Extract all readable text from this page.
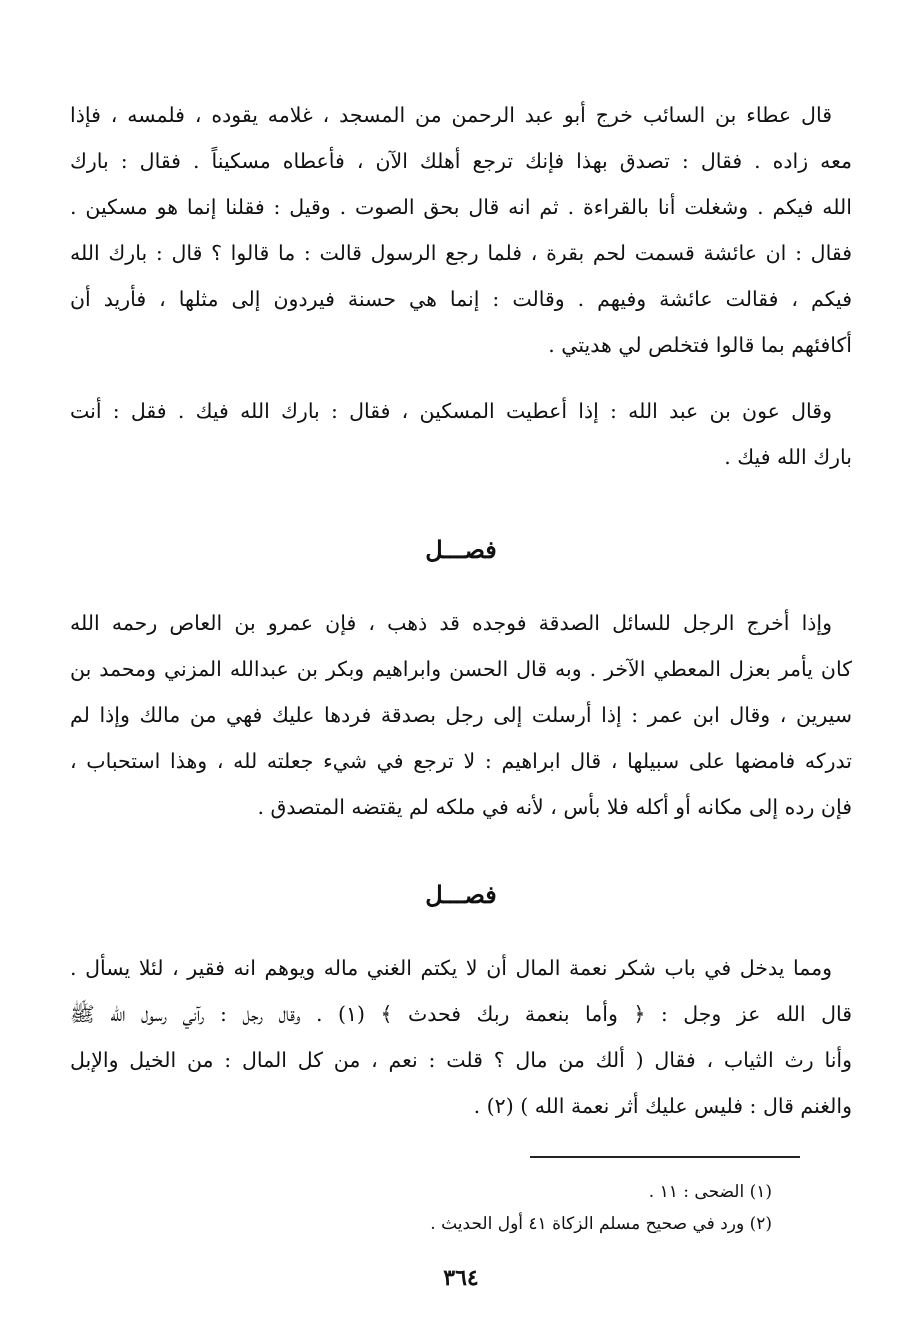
قال عطاء بن السائب خرج أبو عبد الرحمن من المسجد ، غلامه يقوده ، فلمسه ، فإذا
معه زاده . فقال : تصدق بهذا فإنك ترجع أهلك الآن ، فأعطاه مسكيناً . فقال : بارك
الله فيكم . وشغلت أنا بالقراءة . ثم انه قال بحق الصوت . وقيل : فقلنا إنما هو مسكين .
فقال : ان عائشة قسمت لحم بقرة ، فلما رجع الرسول قالت : ما قالوا ؟ قال : بارك الله
فيكم ، فقالت عائشة وفيهم . وقالت : إنما هي حسنة فيردون إلى مثلها ، فأريد أن
أكافئهم بما قالوا فتخلص لي هديتي .
وقال عون بن عبد الله : إذا أعطيت المسكين ، فقال : بارك الله فيك . فقل : أنت
بارك الله فيك .
فصـــل
وإذا أخرج الرجل للسائل الصدقة فوجده قد ذهب ، فإن عمرو بن العاص رحمه الله
كان يأمر بعزل المعطي الآخر . وبه قال الحسن وابراهيم وبكر بن عبدالله المزني ومحمد بن
سيرين ، وقال ابن عمر : إذا أرسلت إلى رجل بصدقة فردها عليك فهي من مالك وإذا لم
تدركه فامضها على سبيلها ، قال ابراهيم : لا ترجع في شيء جعلته لله ، وهذا استحباب ،
فإن رده إلى مكانه أو أكله فلا بأس ، لأنه في ملكه لم يقتضه المتصدق .
فصـــل
ومما يدخل في باب شكر نعمة المال أن لا يكتم الغني ماله ويوهم انه فقير ، لئلا يسأل .
قال الله عز وجل : ﴿ وأما بنعمة ربك فحدث ﴾ (١) . وقال رجل : رآني رسول الله ﷺ
وأنا رث الثياب ، فقال ( ألك من مال ؟ قلت : نعم ، من كل المال : من الخيل والإبل
والغنم قال : فليس عليك أثر نعمة الله ) (٢) .
(١) الضحى : ١١ .
(٢) ورد في صحيح مسلم الزكاة ٤١ أول الحديث .
٣٦٤
